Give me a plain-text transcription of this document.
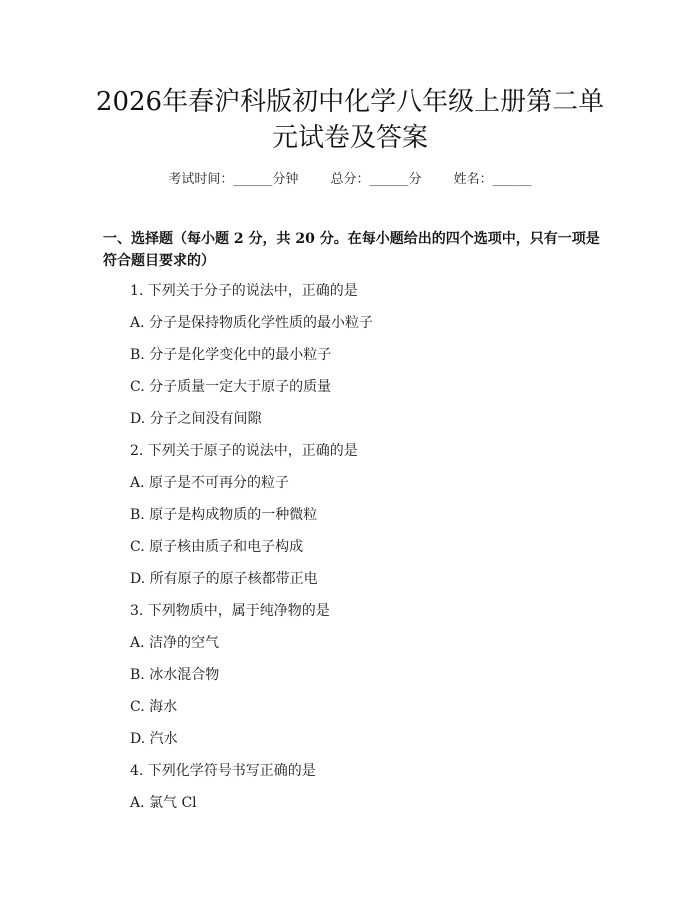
2026年春沪科版初中化学八年级上册第二单
元试卷及答案
考试时间：______分钟 总分：______分 姓名：______
一、选择题（每小题 2 分，共 20 分。在每小题给出的四个选项中，只有一项是
符合题目要求的）
1. 下列关于分子的说法中，正确的是
A. 分子是保持物质化学性质的最小粒子
B. 分子是化学变化中的最小粒子
C. 分子质量一定大于原子的质量
D. 分子之间没有间隙
2. 下列关于原子的说法中，正确的是
A. 原子是不可再分的粒子
B. 原子是构成物质的一种微粒
C. 原子核由质子和电子构成
D. 所有原子的原子核都带正电
3. 下列物质中，属于纯净物的是
A. 洁净的空气
B. 冰水混合物
C. 海水
D. 汽水
4. 下列化学符号书写正确的是
A. 氯气 Cl
